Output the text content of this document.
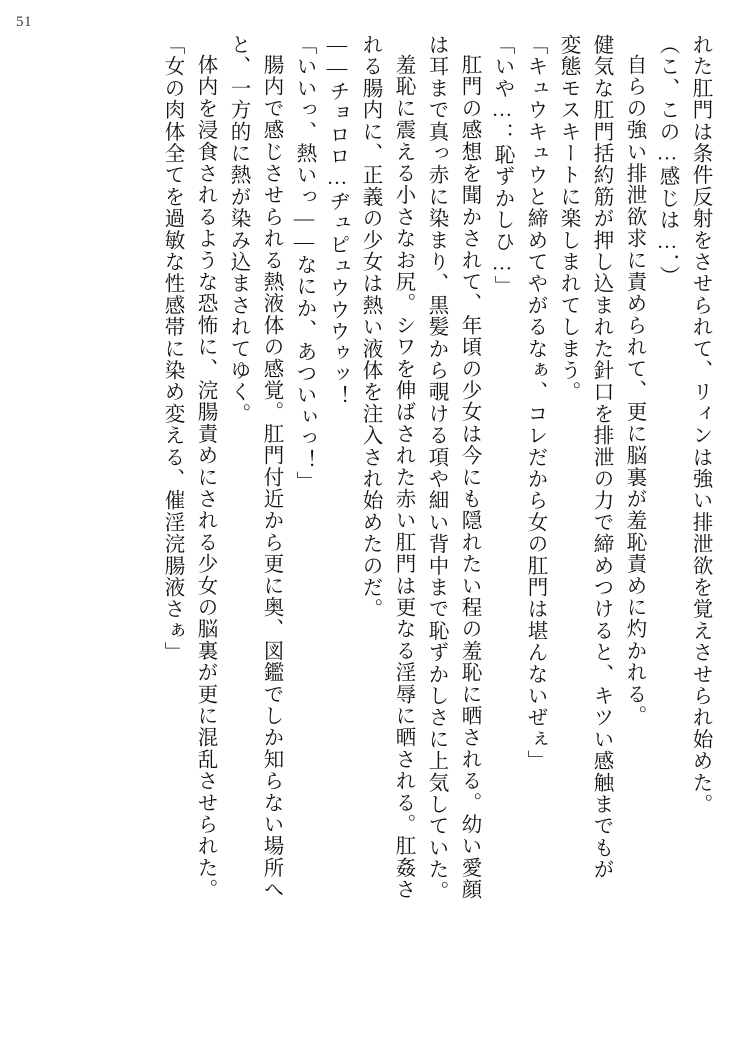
51
れた肛門は条件反射をさせられて、リィンは強い排泄欲を覚えさせられ始めた。
（こ、この…感じは…．）
自らの強い排泄欲求に責められて、更に脳裏が羞恥責めに灼かれる。
健気な肛門括約筋が押し込まれた針口を排泄の力で締めつけると、キツい感触までもが
変態モスキートに楽しまれてしまう。
「キュウキュウと締めてやがるなぁ、コレだから女の肛門は堪んないぜぇ」
「いや…：恥ずかしひ…」
肛門の感想を聞かされて、年頃の少女は今にも隠れたい程の羞恥に晒される。幼い愛顔
は耳まで真っ赤に染まり、黒髪から覗ける項や細い背中まで恥ずかしさに上気していた。
羞恥に震える小さなお尻。シワを伸ばされた赤い肛門は更なる淫辱に晒される。肛姦さ
れる腸内に、正義の少女は熱い液体を注入され始めたのだ。
――チョロロ…ヂュピュウウウゥッ！
「いいっ、熱いっ――なにか、あついぃっ！」
腸内で感じさせられる熱液体の感覚。肛門付近から更に奥、図鑑でしか知らない場所へ
と、一方的に熱が染み込まされてゆく。
体内を浸食されるような恐怖に、浣腸責めにされる少女の脳裏が更に混乱させられた。
「女の肉体全てを過敏な性感帯に染め変える、催淫浣腸液さぁ」
